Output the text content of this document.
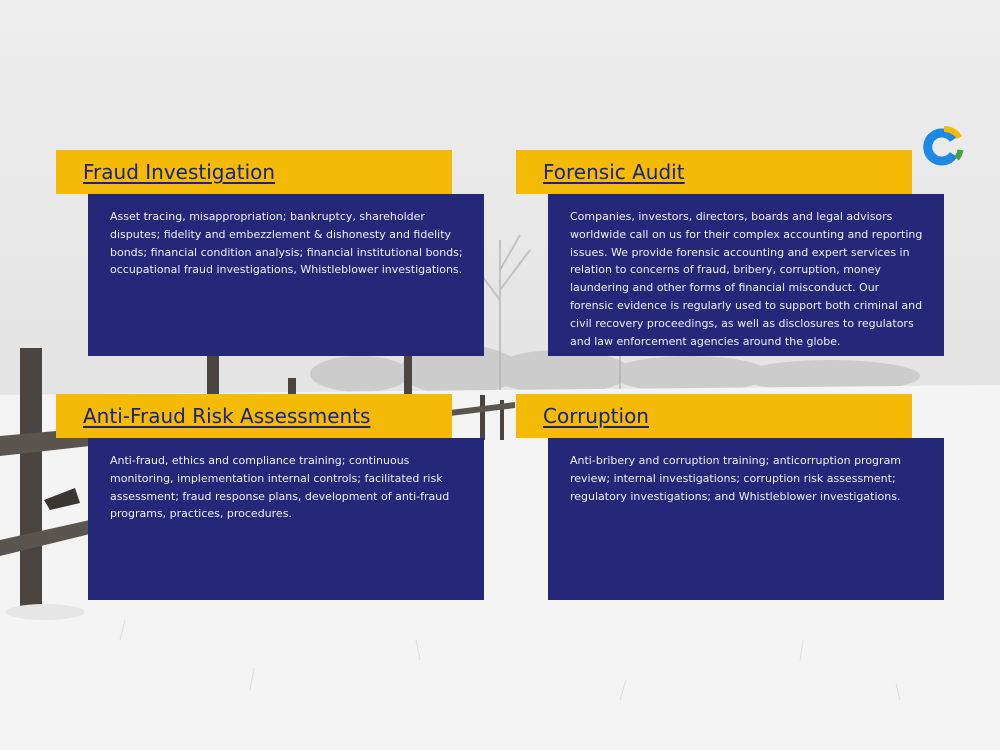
Fraud Investigation
Asset tracing, misappropriation; bankruptcy, shareholder disputes; fidelity and embezzlement & dishonesty and fidelity bonds; financial condition analysis; financial institutional bonds; occupational fraud investigations, Whistleblower investigations.
Forensic Audit
Companies, investors, directors, boards and legal advisors worldwide call on us for their complex accounting and reporting issues. We provide forensic accounting and expert services in relation to concerns of fraud, bribery, corruption, money laundering and other forms of financial misconduct. Our forensic evidence is regularly used to support both criminal and civil recovery proceedings, as well as disclosures to regulators and law enforcement agencies around the globe.
Anti-Fraud Risk Assessments
Anti-fraud, ethics and compliance training; continuous monitoring, implementation internal controls; facilitated risk assessment; fraud response plans, development of anti-fraud programs, practices, procedures.
Corruption
Anti-bribery and corruption training; anticorruption program review; internal investigations; corruption risk assessment; regulatory investigations; and Whistleblower investigations.
